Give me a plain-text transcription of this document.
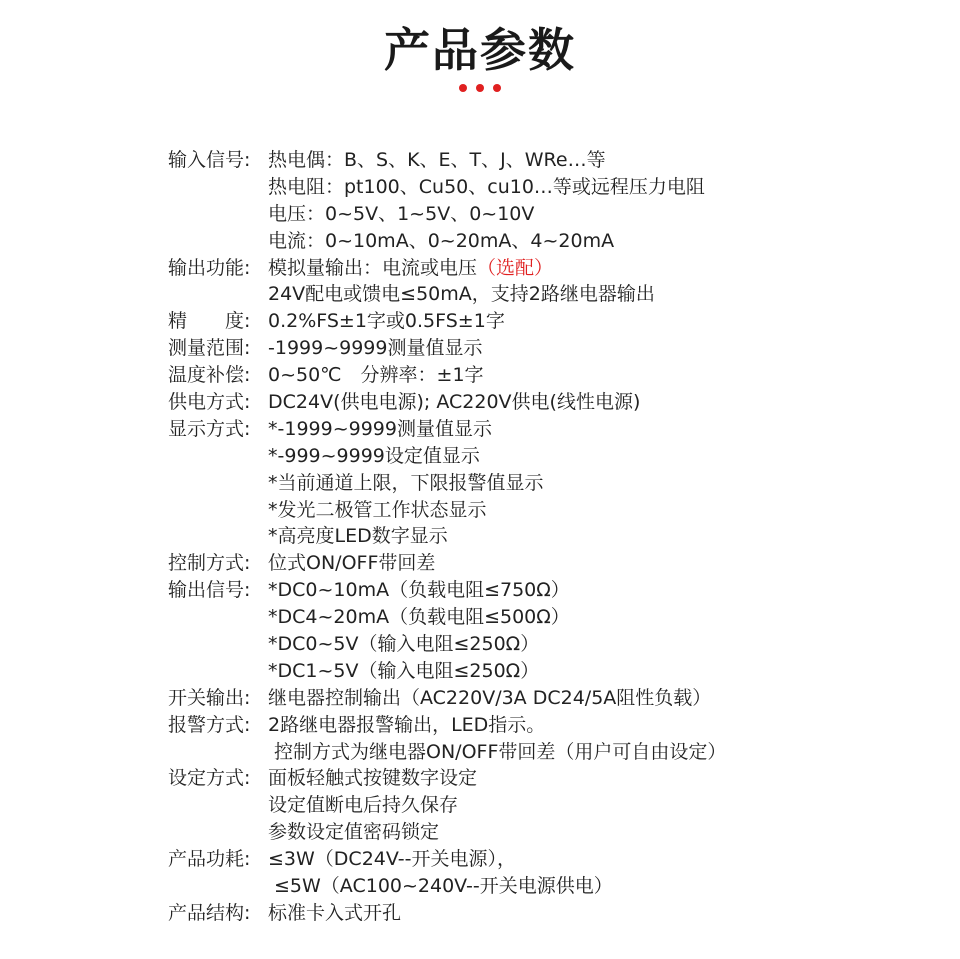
产品参数
输入信号: 热电偶：B、S、K、E、T、J、WRe…等
热电阻：pt100、Cu50、cu10…等或远程压力电阻
电压：0~5V、1~5V、0~10V
电流：0~10mA、0~20mA、4~20mA
输出功能: 模拟量输出：电流或电压（选配）
24V配电或馈电≤50mA，支持2路继电器输出
精　　度: 0.2%FS±1字或0.5FS±1字
测量范围: -1999~9999测量值显示
温度补偿: 0~50℃　分辨率：±1字
供电方式: DC24V(供电电源); AC220V供电(线性电源)
显示方式: *-1999~9999测量值显示
*-999~9999设定值显示
*当前通道上限，下限报警值显示
*发光二极管工作状态显示
*高亮度LED数字显示
控制方式: 位式ON/OFF带回差
输出信号: *DC0~10mA（负载电阻≤750Ω）
*DC4~20mA（负载电阻≤500Ω）
*DC0~5V（输入电阻≤250Ω）
*DC1~5V（输入电阻≤250Ω）
开关输出: 继电器控制输出（AC220V/3A DC24/5A阻性负载）
报警方式: 2路继电器报警输出，LED指示。
控制方式为继电器ON/OFF带回差（用户可自由设定）
设定方式: 面板轻触式按键数字设定
设定值断电后持久保存
参数设定值密码锁定
产品功耗: ≤3W（DC24V--开关电源），
≤5W（AC100~240V--开关电源供电）
产品结构: 标准卡入式开孔
